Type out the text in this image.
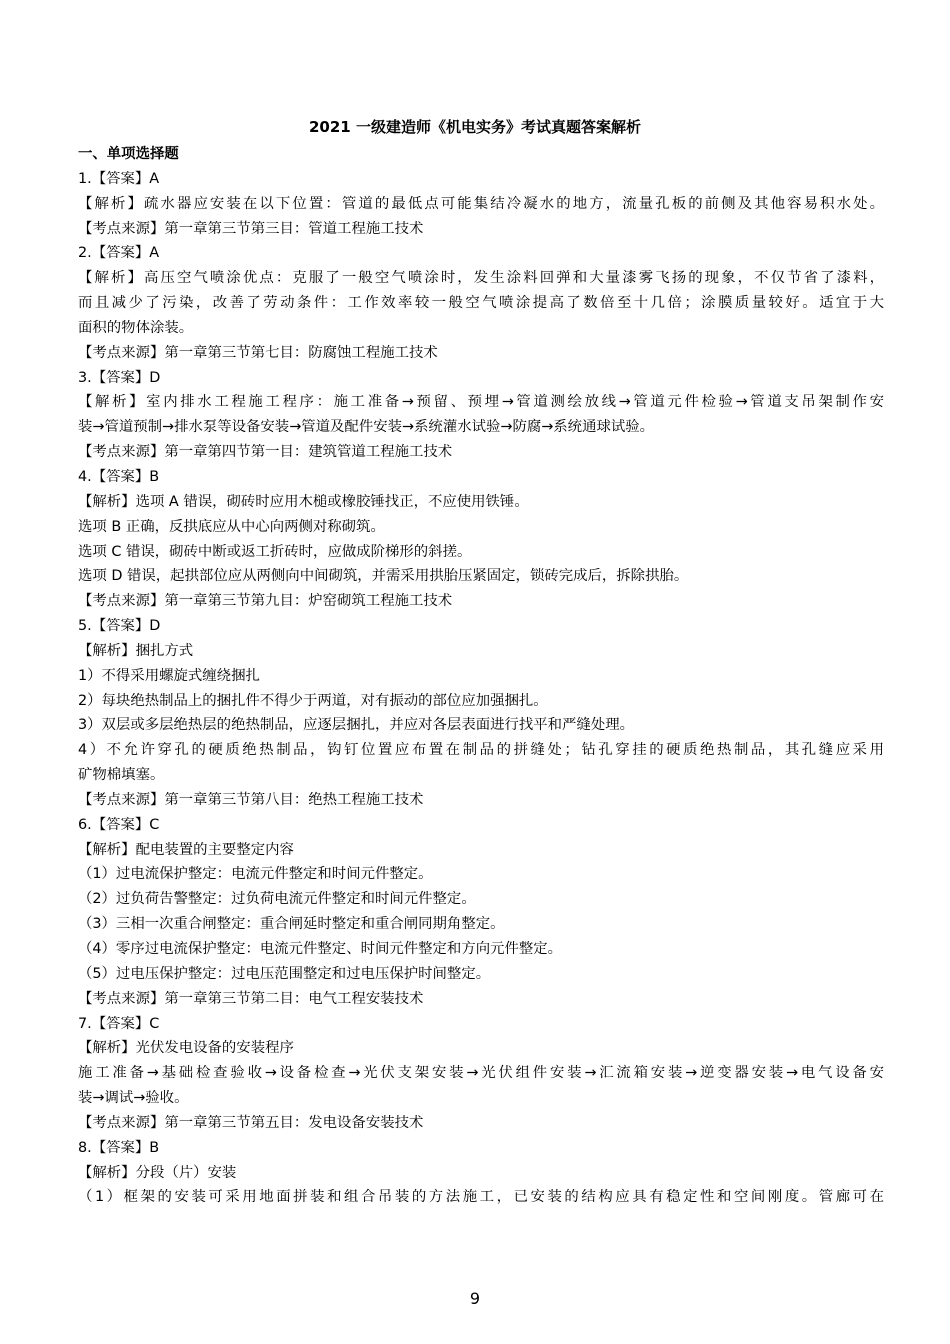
2021 一级建造师《机电实务》考试真题答案解析
一、单项选择题
1.【答案】A
【解析】疏水器应安装在以下位置：管道的最低点可能集结冷凝水的地方，流量孔板的前侧及其他容易积水处。
【考点来源】第一章第三节第三目：管道工程施工技术
2.【答案】A
【解析】高压空气喷涂优点：克服了一般空气喷涂时，发生涂料回弹和大量漆雾飞扬的现象，不仅节省了漆料，
而且减少了污染，改善了劳动条件：工作效率较一般空气喷涂提高了数倍至十几倍；涂膜质量较好。适宜于大
面积的物体涂装。
【考点来源】第一章第三节第七目：防腐蚀工程施工技术
3.【答案】D
【解析】室内排水工程施工程序：施工准备→预留、预埋→管道测绘放线→管道元件检验→管道支吊架制作安
装→管道预制→排水泵等设备安装→管道及配件安装→系统灌水试验→防腐→系统通球试验。
【考点来源】第一章第四节第一目：建筑管道工程施工技术
4.【答案】B
【解析】选项 A 错误，砌砖时应用木槌或橡胶锤找正，不应使用铁锤。
选项 B 正确，反拱底应从中心向两侧对称砌筑。
选项 C 错误，砌砖中断或返工折砖时，应做成阶梯形的斜搓。
选项 D 错误，起拱部位应从两侧向中间砌筑，并需采用拱胎压紧固定，锁砖完成后，拆除拱胎。
【考点来源】第一章第三节第九目：炉窑砌筑工程施工技术
5.【答案】D
【解析】捆扎方式
1）不得采用螺旋式缠绕捆扎
2）每块绝热制品上的捆扎件不得少于两道，对有振动的部位应加强捆扎。
3）双层或多层绝热层的绝热制品，应逐层捆扎，并应对各层表面进行找平和严缝处理。
4）不允许穿孔的硬质绝热制品，钩钉位置应布置在制品的拼缝处；钻孔穿挂的硬质绝热制品，其孔缝应采用
矿物棉填塞。
【考点来源】第一章第三节第八目：绝热工程施工技术
6.【答案】C
【解析】配电装置的主要整定内容
（1）过电流保护整定：电流元件整定和时间元件整定。
（2）过负荷告警整定：过负荷电流元件整定和时间元件整定。
（3）三相一次重合闸整定：重合闸延时整定和重合闸同期角整定。
（4）零序过电流保护整定：电流元件整定、时间元件整定和方向元件整定。
（5）过电压保护整定：过电压范围整定和过电压保护时间整定。
【考点来源】第一章第三节第二目：电气工程安装技术
7.【答案】C
【解析】光伏发电设备的安装程序
施工准备→基础检查验收→设备检查→光伏支架安装→光伏组件安装→汇流箱安装→逆变器安装→电气设备安
装→调试→验收。
【考点来源】第一章第三节第五目：发电设备安装技术
8.【答案】B
【解析】分段（片）安装
（1）框架的安装可采用地面拼装和组合吊装的方法施工，已安装的结构应具有稳定性和空间刚度。管廊可在
9
